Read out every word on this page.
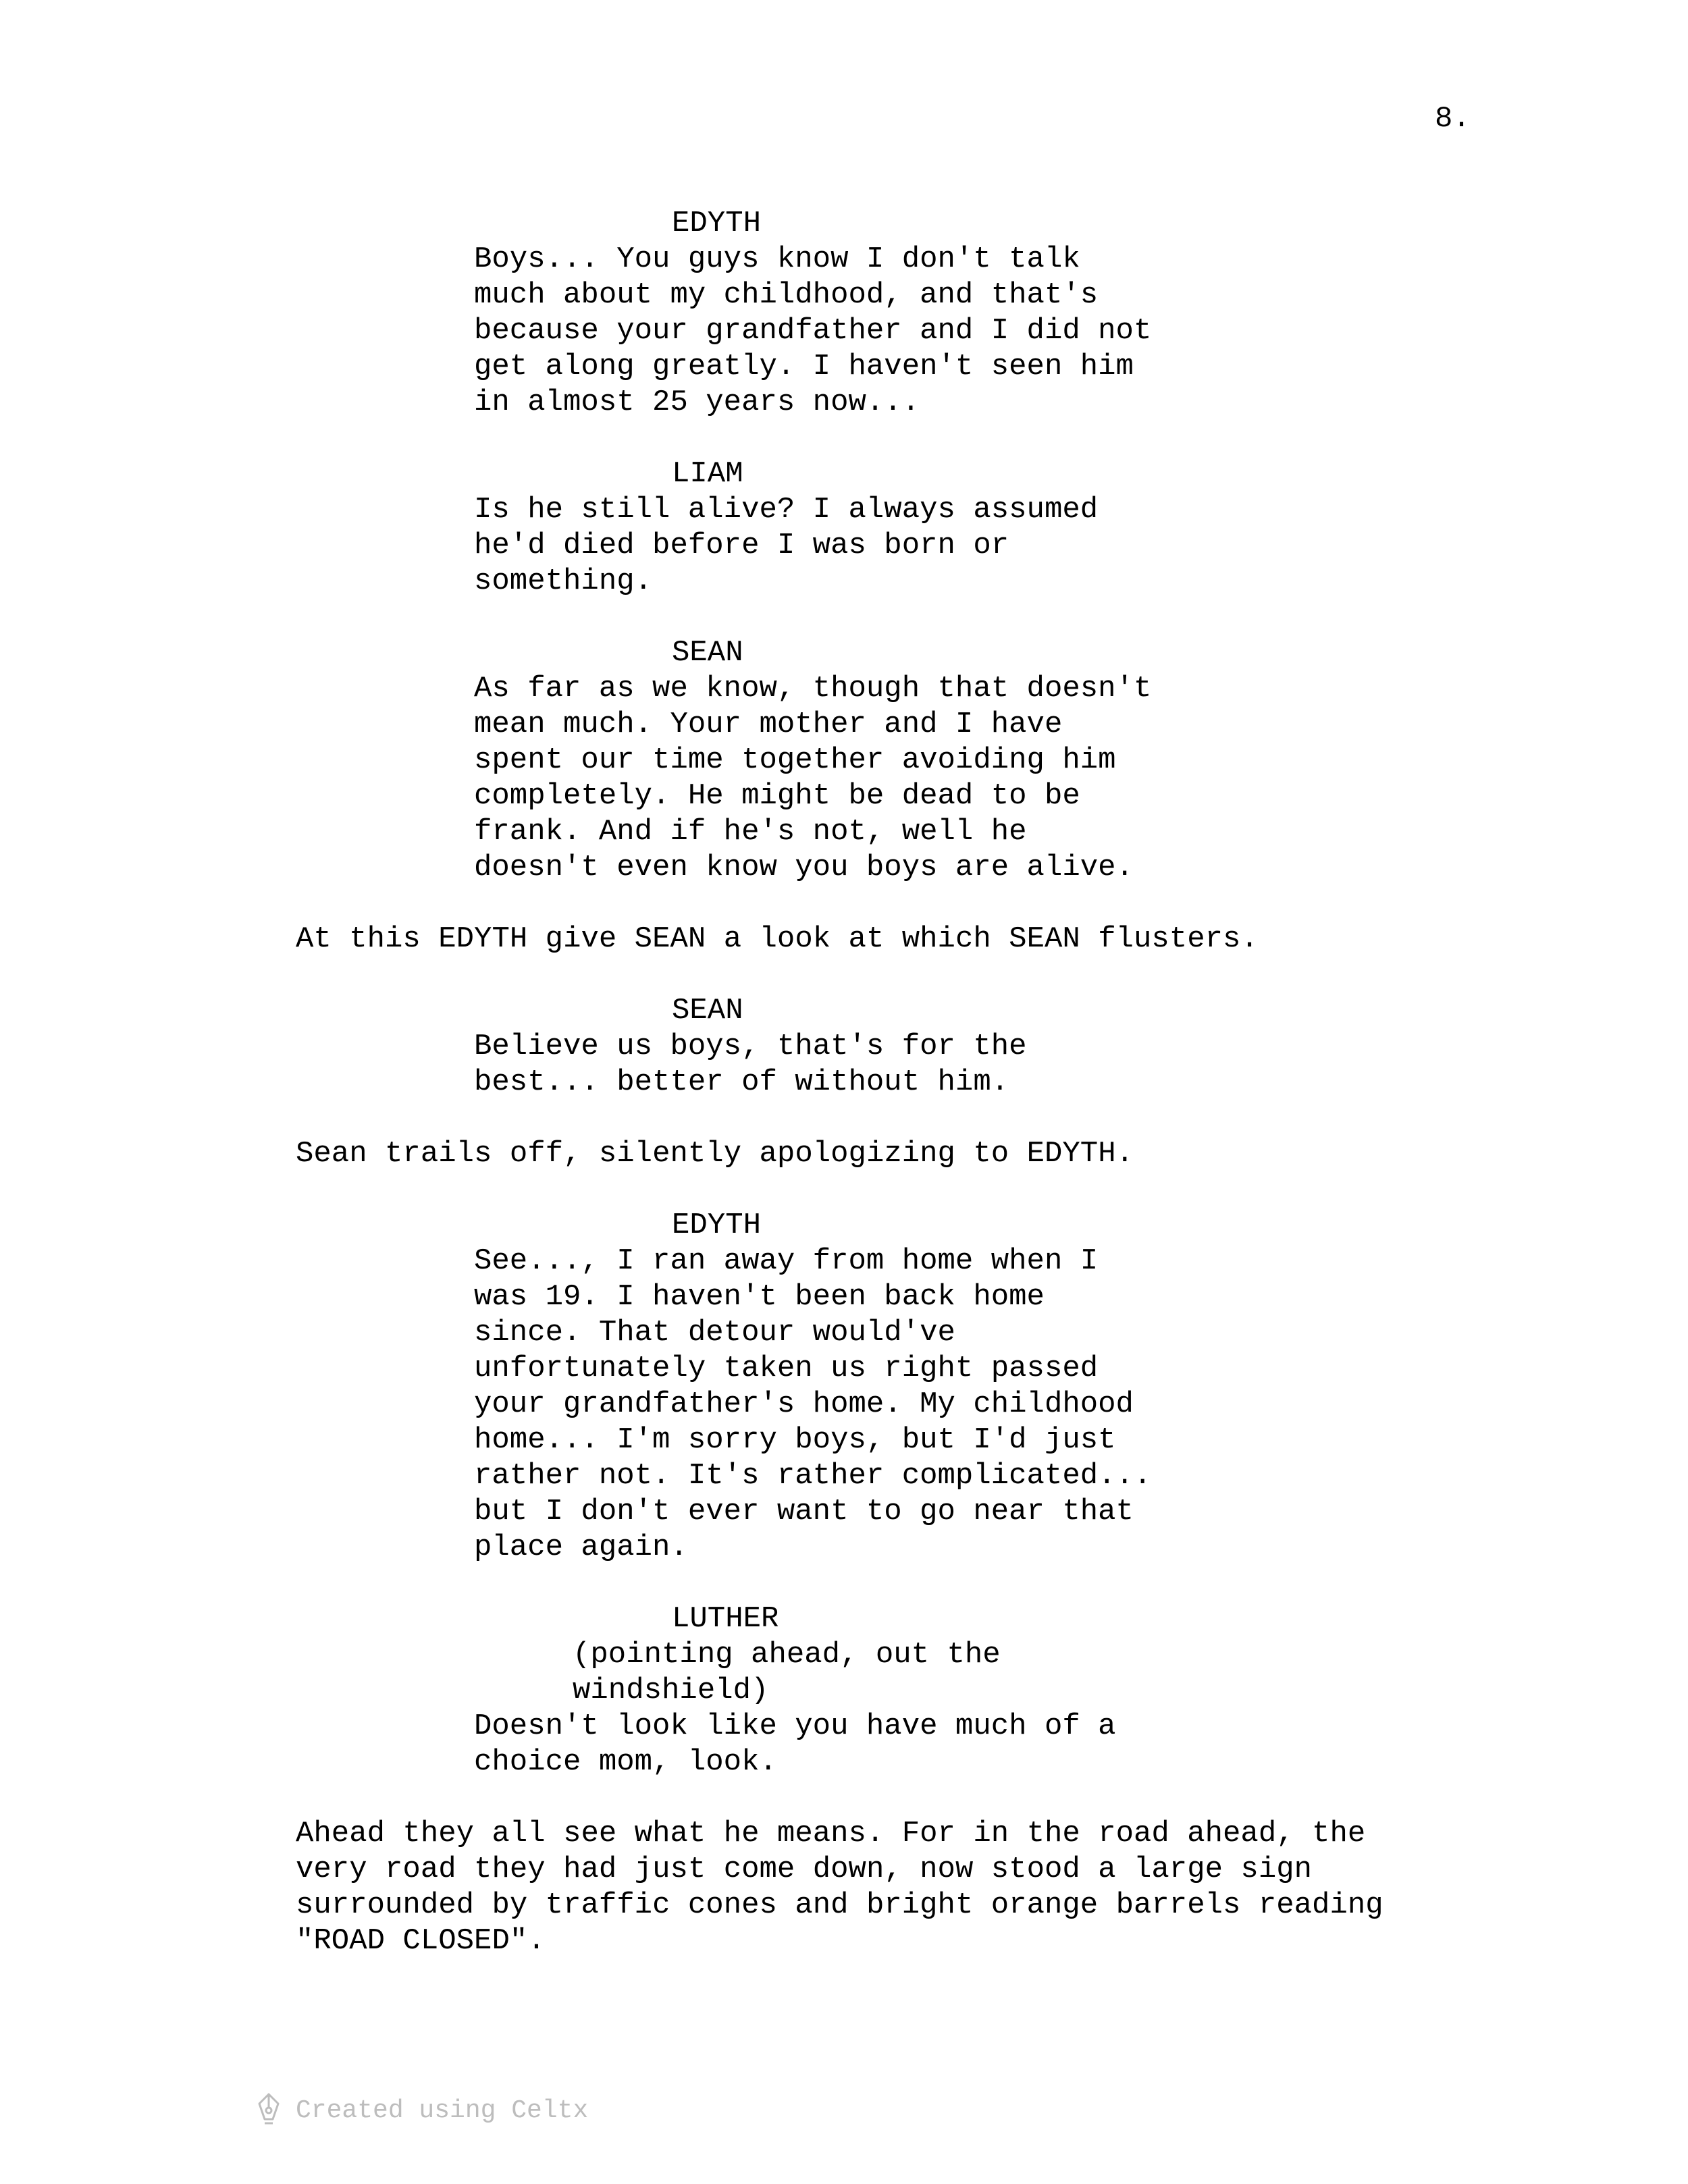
8.
EDYTH
Boys... You guys know I don't talk
much about my childhood, and that's
because your grandfather and I did not
get along greatly. I haven't seen him
in almost 25 years now...
LIAM
Is he still alive? I always assumed
he'd died before I was born or
something.
SEAN
As far as we know, though that doesn't
mean much. Your mother and I have
spent our time together avoiding him
completely. He might be dead to be
frank. And if he's not, well he
doesn't even know you boys are alive.
At this EDYTH give SEAN a look at which SEAN flusters.
SEAN
Believe us boys, that's for the
best... better of without him.
Sean trails off, silently apologizing to EDYTH.
EDYTH
See..., I ran away from home when I
was 19. I haven't been back home
since. That detour would've
unfortunately taken us right passed
your grandfather's home. My childhood
home... I'm sorry boys, but I'd just
rather not. It's rather complicated...
but I don't ever want to go near that
place again.
LUTHER
(pointing ahead, out the
windshield)
Doesn't look like you have much of a
choice mom, look.
Ahead they all see what he means. For in the road ahead, the
very road they had just come down, now stood a large sign
surrounded by traffic cones and bright orange barrels reading
"ROAD CLOSED".
Created using Celtx
